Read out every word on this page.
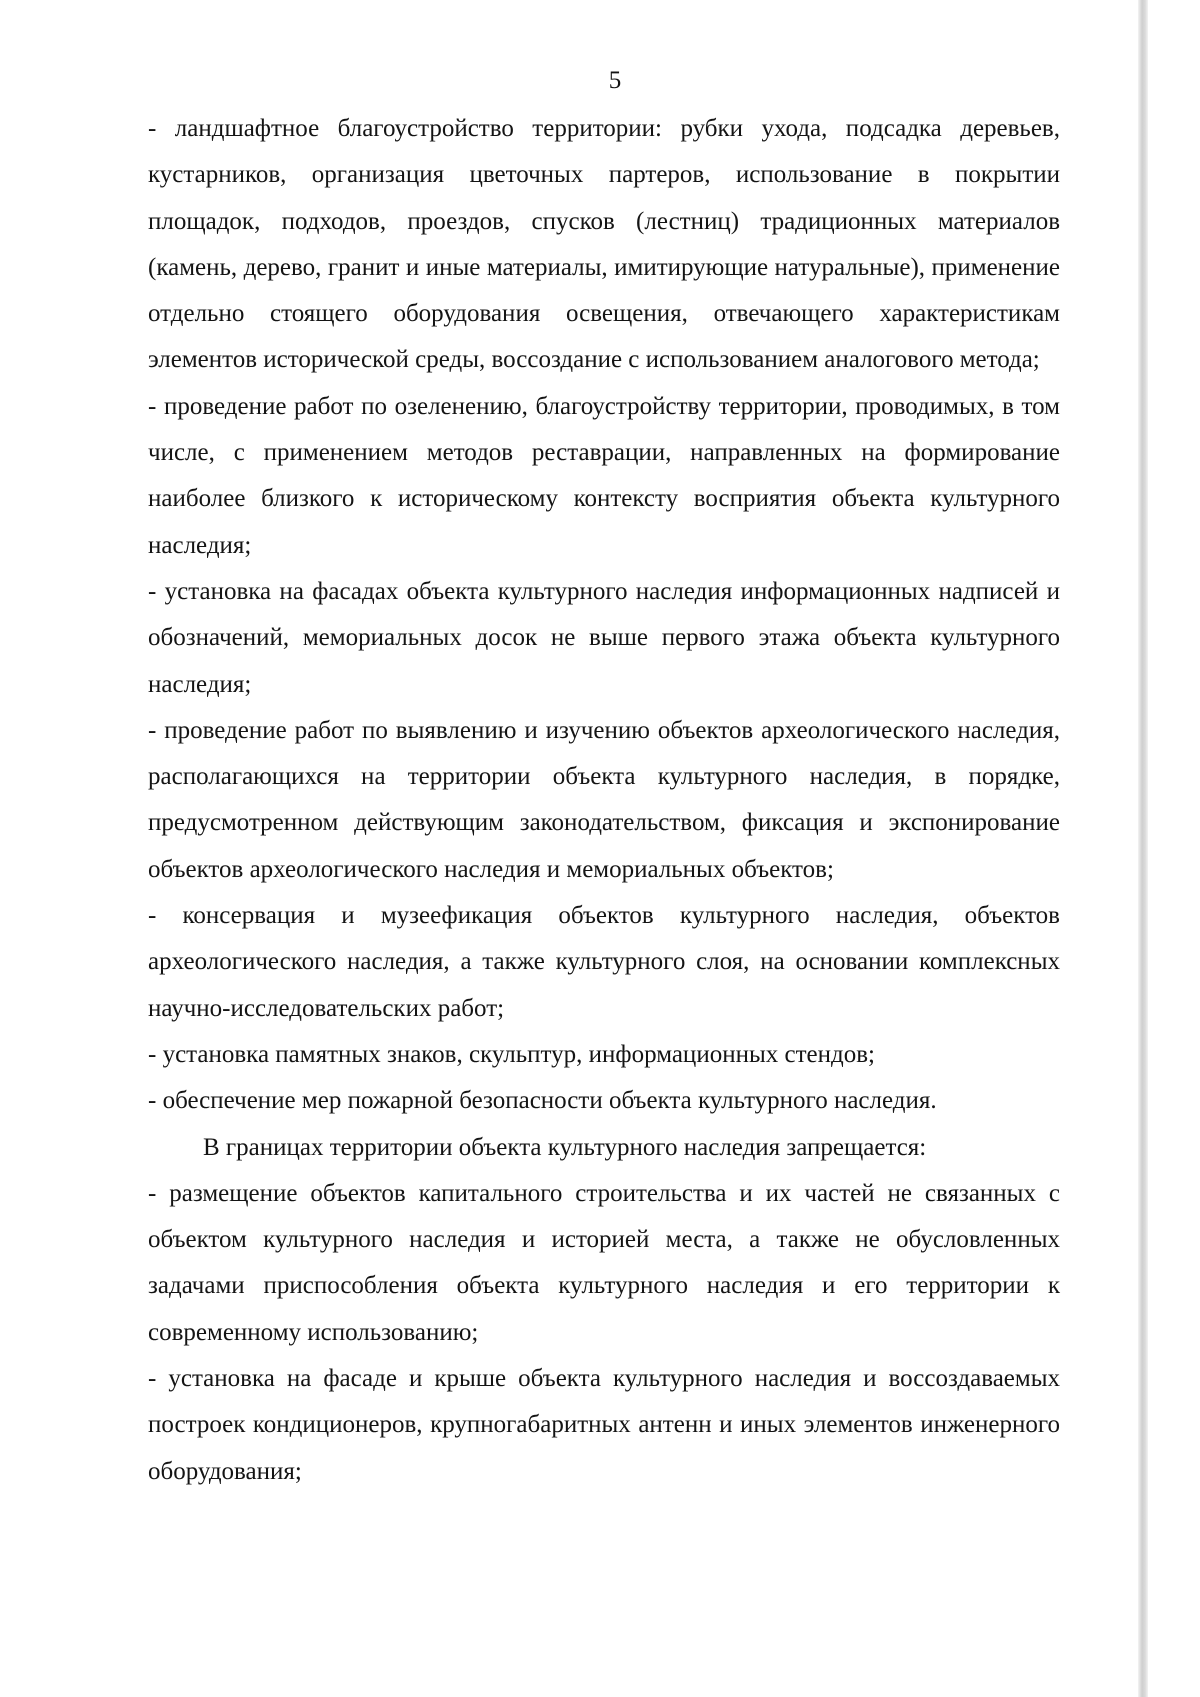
5

- ландшафтное благоустройство территории: рубки ухода, подсадка деревьев, кустарников, организация цветочных партеров, использование в покрытии площадок, подходов, проездов, спусков (лестниц) традиционных материалов (камень, дерево, гранит и иные материалы, имитирующие натуральные), применение отдельно стоящего оборудования освещения, отвечающего характеристикам элементов исторической среды, воссоздание с использованием аналогового метода;

- проведение работ по озеленению, благоустройству территории, проводимых, в том числе, с применением методов реставрации, направленных на формирование наиболее близкого к историческому контексту восприятия объекта культурного наследия;

- установка на фасадах объекта культурного наследия информационных надписей и обозначений, мемориальных досок не выше первого этажа объекта культурного наследия;

- проведение работ по выявлению и изучению объектов археологического наследия, располагающихся на территории объекта культурного наследия, в порядке, предусмотренном действующим законодательством, фиксация и экспонирование объектов археологического наследия и мемориальных объектов;

- консервация и музеефикация объектов культурного наследия, объектов археологического наследия, а также культурного слоя, на основании комплексных научно-исследовательских работ;

- установка памятных знаков, скульптур, информационных стендов;

- обеспечение мер пожарной безопасности объекта культурного наследия.

В границах территории объекта культурного наследия запрещается:

- размещение объектов капитального строительства и их частей не связанных с объектом культурного наследия и историей места, а также не обусловленных задачами приспособления объекта культурного наследия и его территории к современному использованию;

- установка на фасаде и крыше объекта культурного наследия и воссоздаваемых построек кондиционеров, крупногабаритных антенн и иных элементов инженерного оборудования;
